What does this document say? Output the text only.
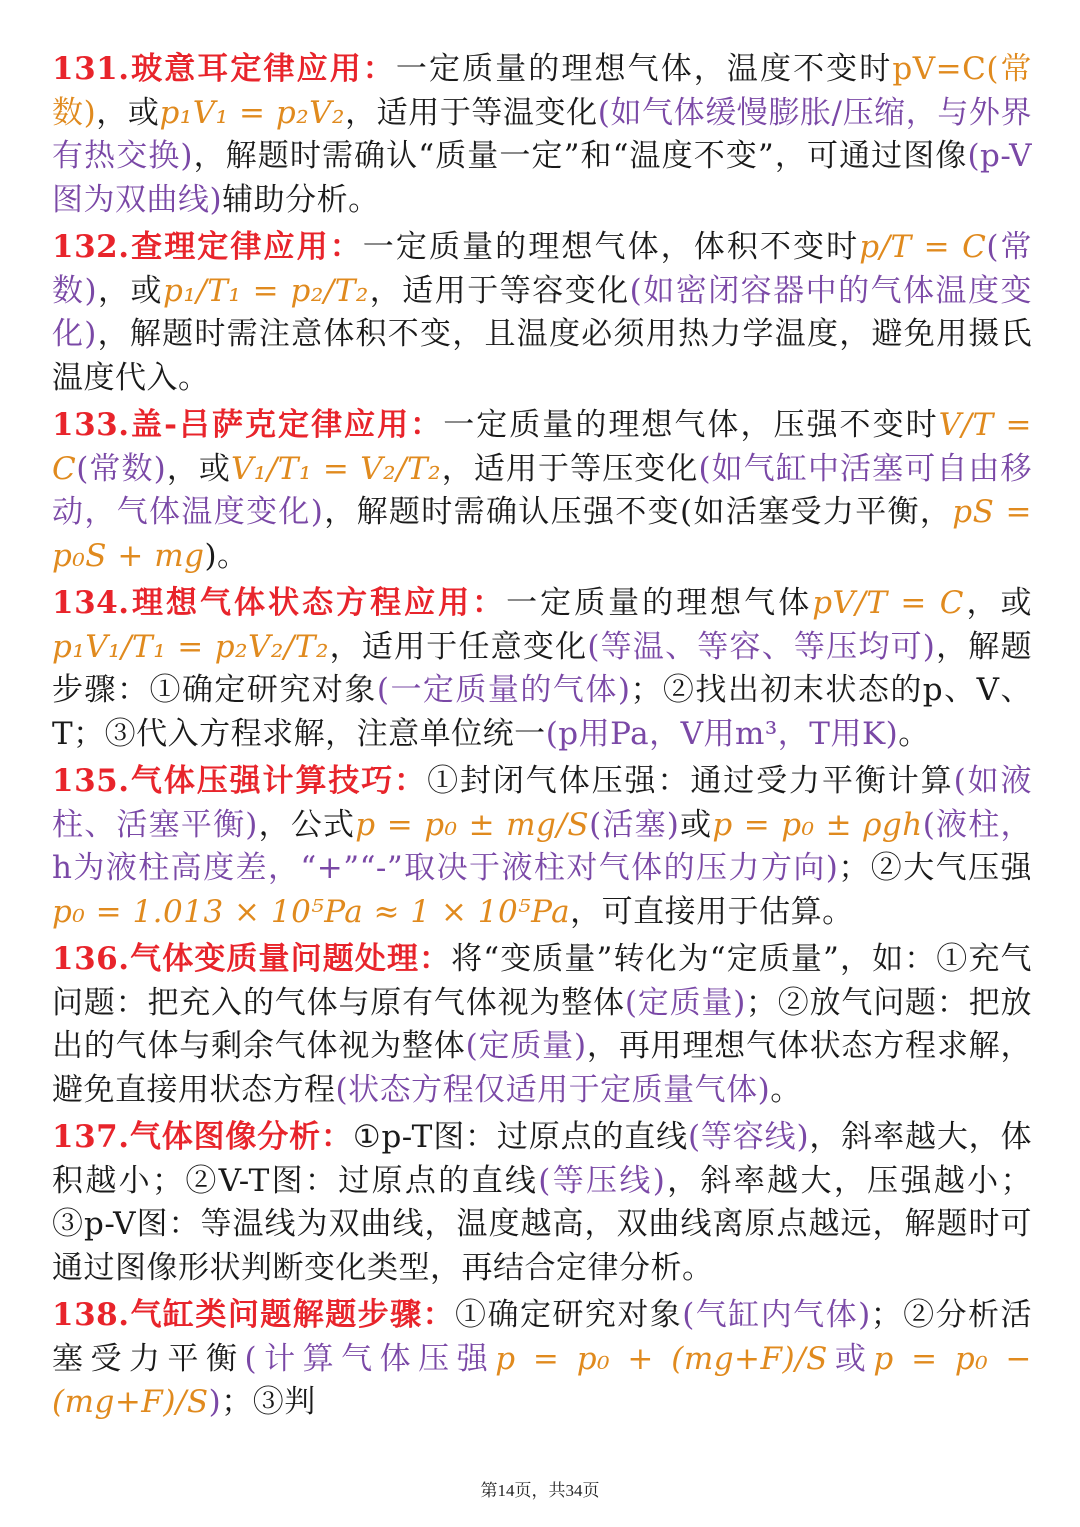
131.玻意耳定律应用：一定质量的理想气体，温度不变时pV=C(常数)，或p₁V₁ = p₂V₂，适用于等温变化(如气体缓慢膨胀/压缩，与外界有热交换)，解题时需确认“质量一定”和“温度不变”，可通过图像(p-V图为双曲线)辅助分析。

132.查理定律应用：一定质量的理想气体，体积不变时p/T = C(常数)，或p₁/T₁ = p₂/T₂，适用于等容变化(如密闭容器中的气体温度变化)，解题时需注意体积不变，且温度必须用热力学温度，避免用摄氏温度代入。

133.盖-吕萨克定律应用：一定质量的理想气体，压强不变时V/T = C(常数)，或V₁/T₁ = V₂/T₂，适用于等压变化(如气缸中活塞可自由移动，气体温度变化)，解题时需确认压强不变(如活塞受力平衡，pS = p₀S + mg)。

134.理想气体状态方程应用：一定质量的理想气体pV/T = C，或p₁V₁/T₁ = p₂V₂/T₂，适用于任意变化(等温、等容、等压均可)，解题步骤：①确定研究对象(一定质量的气体)；②找出初末状态的p、V、T；③代入方程求解，注意单位统一(p用Pa，V用m³，T用K)。

135.气体压强计算技巧：①封闭气体压强：通过受力平衡计算(如液柱、活塞平衡)，公式p = p₀ ± mg/S(活塞)或p = p₀ ± ρgh(液柱，h为液柱高度差，“+”“-”取决于液柱对气体的压力方向)；②大气压强p₀ = 1.013 × 10⁵Pa ≈ 1 × 10⁵Pa，可直接用于估算。

136.气体变质量问题处理：将“变质量”转化为“定质量”，如：①充气问题：把充入的气体与原有气体视为整体(定质量)；②放气问题：把放出的气体与剩余气体视为整体(定质量)，再用理想气体状态方程求解，避免直接用状态方程(状态方程仅适用于定质量气体)。

137.气体图像分析：①p-T图：过原点的直线(等容线)，斜率越大，体积越小；②V-T图：过原点的直线(等压线)，斜率越大，压强越小；③p-V图：等温线为双曲线，温度越高，双曲线离原点越远，解题时可通过图像形状判断变化类型，再结合定律分析。

138.气缸类问题解题步骤：①确定研究对象(气缸内气体)；②分析活塞受力平衡(计算气体压强p = p₀ + (mg+F)/S或p = p₀ − (mg+F)/S)；③判

第14页，共34页
